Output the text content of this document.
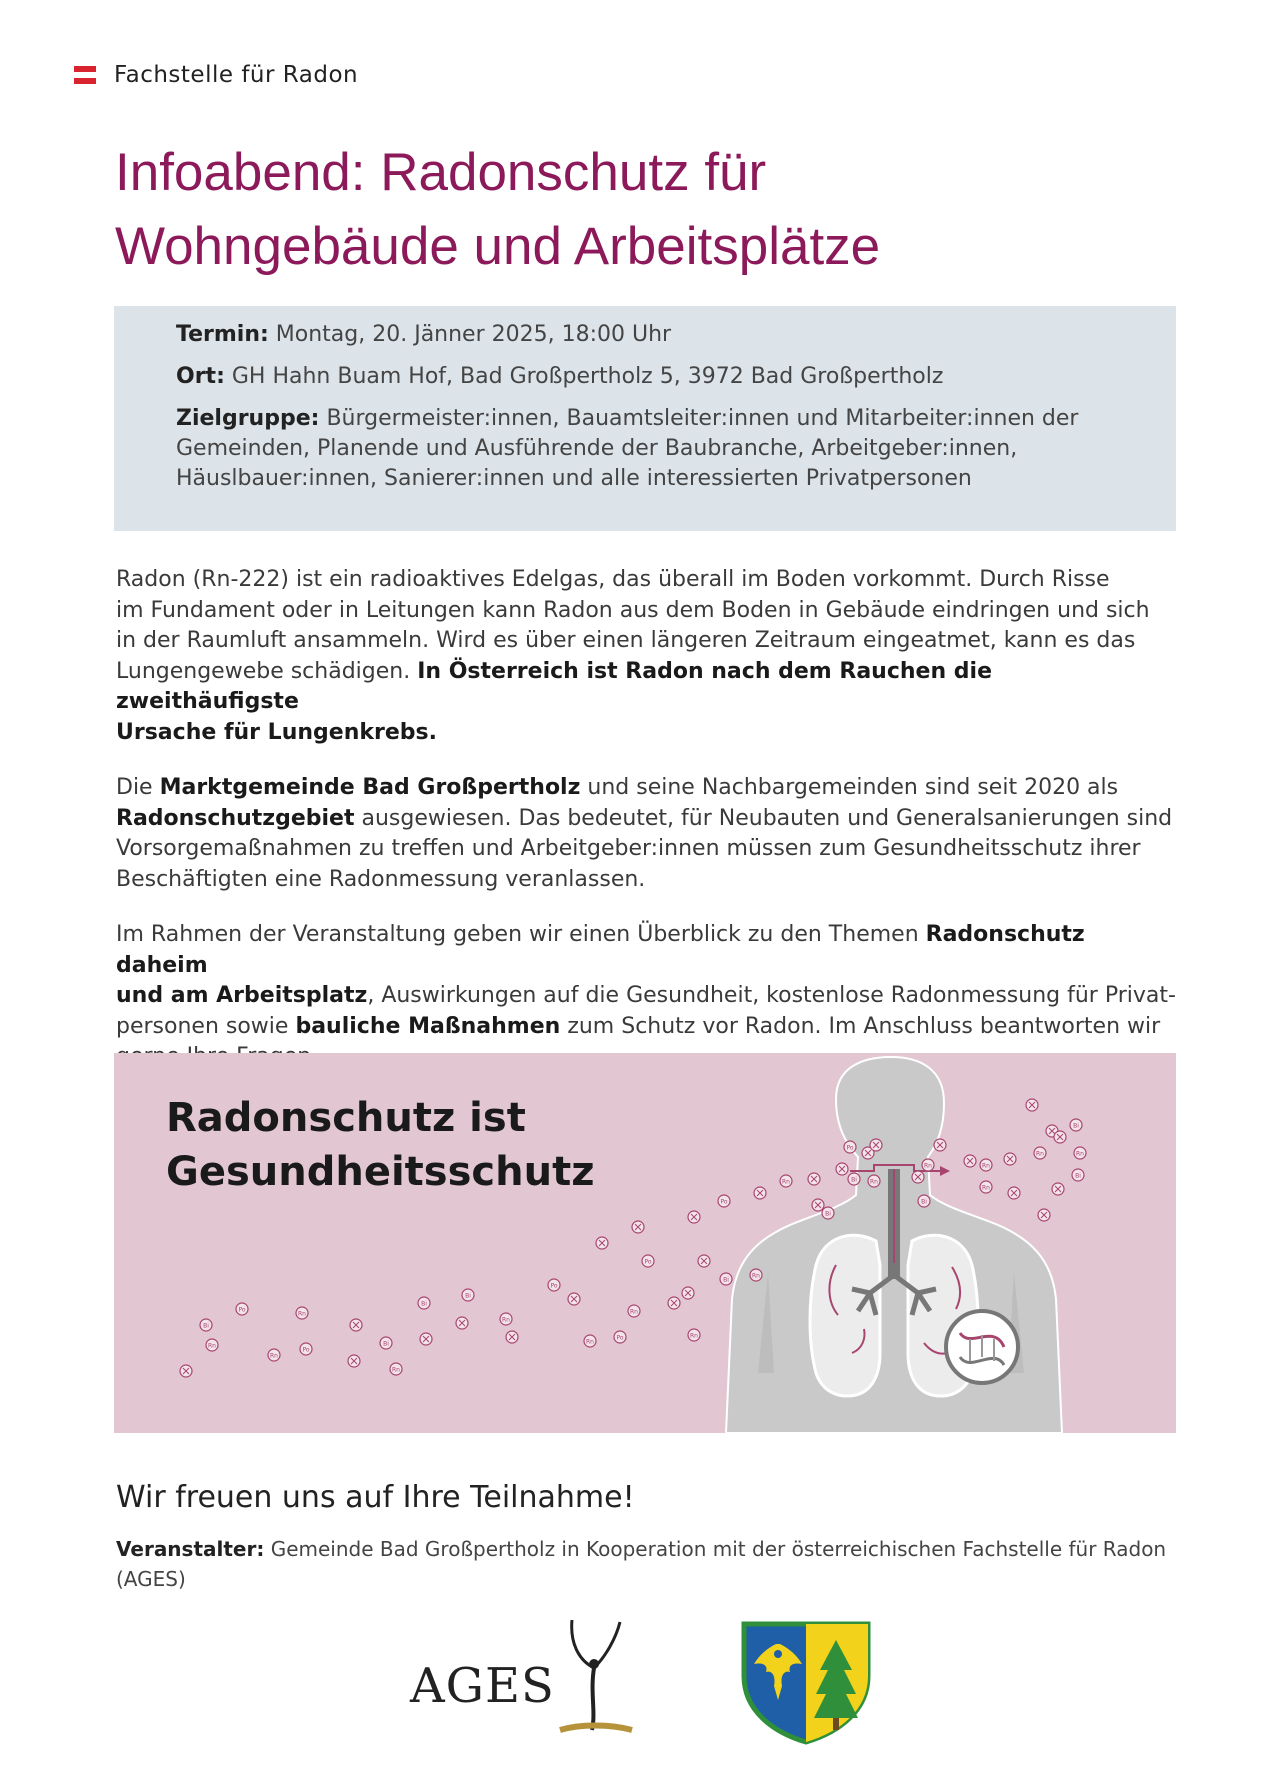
Fachstelle für Radon
Infoabend: Radonschutz für
Wohngebäude und Arbeitsplätze

Termin: Montag, 20. Jänner 2025, 18:00 Uhr

Ort: GH Hahn Buam Hof, Bad Großpertholz 5, 3972 Bad Großpertholz

Zielgruppe: Bürgermeister:innen, Bauamtsleiter:innen und Mitarbeiter:innen der
Gemeinden, Planende und Ausführende der Baubranche, Arbeitgeber:innen,
Häuslbauer:innen, Sanierer:innen und alle interessierten Privatpersonen

Radon (Rn-222) ist ein radioaktives Edelgas, das überall im Boden vorkommt. Durch Risse
im Fundament oder in Leitungen kann Radon aus dem Boden in Gebäude eindringen und sich
in der Raumluft ansammeln. Wird es über einen längeren Zeitraum eingeatmet, kann es das
Lungengewebe schädigen. In Österreich ist Radon nach dem Rauchen die zweithäufigste
Ursache für Lungenkrebs.

Die Marktgemeinde Bad Großpertholz und seine Nachbargemeinden sind seit 2020 als
Radonschutzgebiet ausgewiesen. Das bedeutet, für Neubauten und Generalsanierungen sind
Vorsorgemaßnahmen zu treffen und Arbeitgeber:innen müssen zum Gesundheitsschutz ihrer
Beschäftigten eine Radonmessung veranlassen.

Im Rahmen der Veranstaltung geben wir einen Überblick zu den Themen Radonschutz daheim
und am Arbeitsplatz, Auswirkungen auf die Gesundheit, kostenlose Radonmessung für Privat-
personen sowie bauliche Maßnahmen zum Schutz vor Radon. Im Anschluss beantworten wir

Bi
Po
Rn
Rn
Po
Rn
Bi
Rn
Bi
Bi
Rn
Po
Rn
Rn
Po	Rn
Po
Bi
Rn
Po
Rn
Bi
Bi Rn
Po
Rn	Rn
Rn
Bi
Bi
Rn
Rn
Bi
Radonschutz ist
Gesundheitsschutz
Wir freuen uns auf Ihre Teilnahme!

Veranstalter: Gemeinde Bad Großpertholz in Kooperation mit der österreichischen Fachstelle für Radon
(AGES)

AGES
